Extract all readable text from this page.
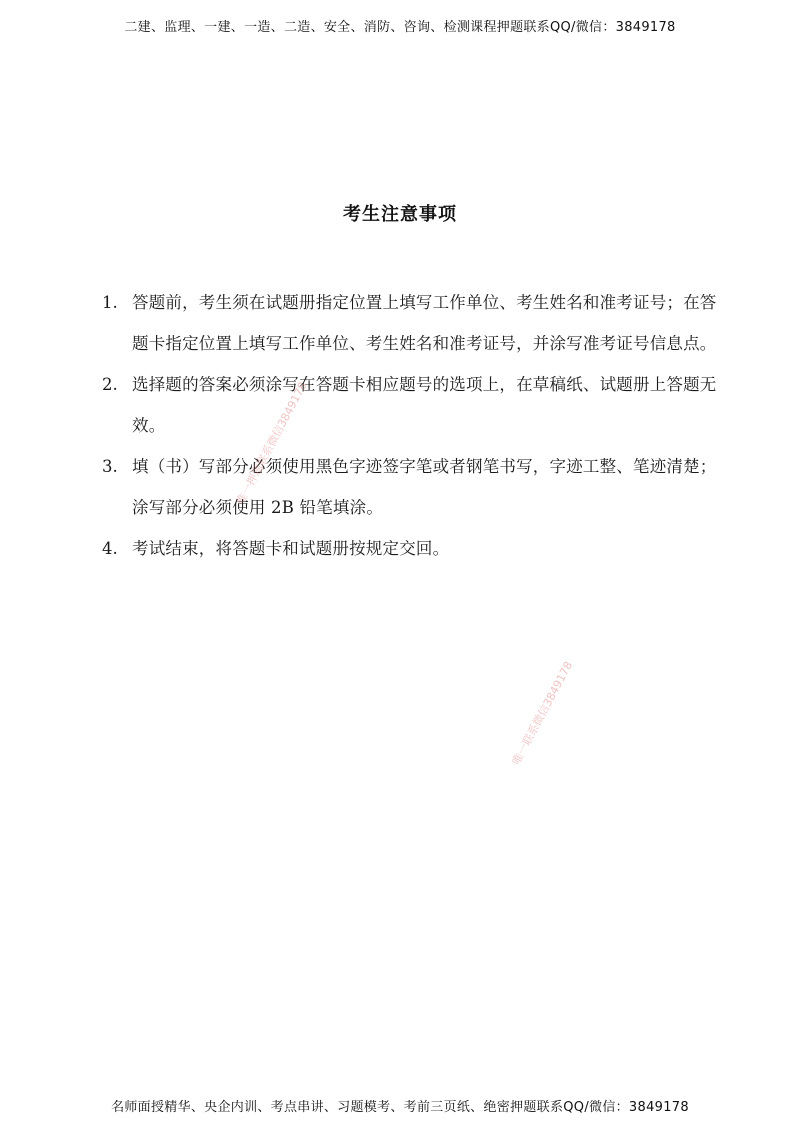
二建、监理、一建、一造、二造、安全、消防、咨询、检测课程押题联系QQ/微信：3849178
考生注意事项
1. 答题前，考生须在试题册指定位置上填写工作单位、考生姓名和准考证号；在答题卡指定位置上填写工作单位、考生姓名和准考证号，并涂写准考证号信息点。
2. 选择题的答案必须涂写在答题卡相应题号的选项上，在草稿纸、试题册上答题无效。
3. 填（书）写部分必须使用黑色字迹签字笔或者钢笔书写，字迹工整、笔迹清楚；涂写部分必须使用 2B 铅笔填涂。
4. 考试结束，将答题卡和试题册按规定交回。
唯一押题联系微信3849178
唯一联系微信3849178
名师面授精华、央企内训、考点串讲、习题模考、考前三页纸、绝密押题联系QQ/微信：3849178
